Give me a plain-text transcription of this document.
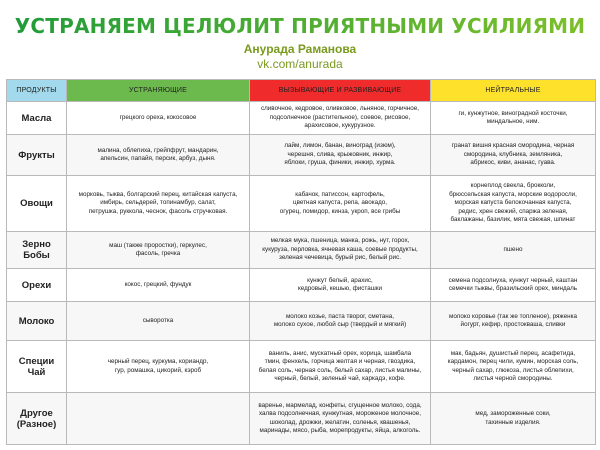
УСТРАНЯЕМ ЦЕЛЮЛИТ ПРИЯТНЫМИ УСИЛИЯМИ
Анурада Раманова
vk.com/anurada
ПРОДУКТЫ	УСТРАНЯЮЩИЕ	ВЫЗЫВАЮЩИЕ И РАЗВИВАЮЩИЕ	НЕЙТРАЛЬНЫЕ

Масла	грецкого ореха, кокосовое	сливочное, кедровое, оливковое, льняное, горчичное,
подсолнечное (растительное), соевое, рисовое,
арахисовое, кукурузное.	ги, кунжутное, виноградной косточки,
миндальное, ним.

Фрукты	малина, облепиха, грейпфрут, мандарин,
апельсин, папайя, персик, арбуз, дыня.	лайм, лимон, банан, виноград (изюм),
черешня, слива, крыжовник, инжир,
яблоки, груша, финики, инжир, хурма.	гранат вишня красная смородина, черная
смородина, клубника, земляника,
абрикос, киви, ананас, гуава.

Овощи	морковь, тыква, болгарский перец, китайская капуста,
имбирь, сельдерей, топинамбур, салат,
петрушка, руккола, чеснок, фасоль стручковая.	кабачок, патиссон, картофель,
цветная капуста, репа, авокадо,
огурец, помидор, кинза, укроп, все грибы	корнеплод свекла, брокколи,
брюссельская капуста, морские водоросли,
морская капуста белокочанная капуста,
редис, хрен свежий, спаржа зеленая,
баклажаны, базилик, мята свежая, шпинат

Зерно
Бобы	маш (также проростки), геркулес,
фасоль, гречка	мелкая мука, пшеница, манка, рожь, нут, горох,
кукуруза, перловка, ячневая каша, соевые продукты,
зеленая чечевица, бурый рис, белый рис.	пшено

Орехи	кокос, грецкий, фундук	кунжут белый, арахис,
кедровый, кешью, фисташки	семена подсолнуха, кунжут черный, каштан
семечки тыквы, бразильский орех, миндаль

Молоко	сыворотка	молоко козье, паста творог, сметана,
молоко сухое, любой сыр (твердый и мягкий)	молоко коровье (так же топленое), ряженка
йогурт, кефир, простокваша, сливки

Специи
Чай	черный перец, куркума, кориандр,
гур, ромашка, цикорий, кэроб	ваниль, анис, мускатный орех, корица, шамбала
тмин, фенхель, горчица желтая и черная, гвоздика,
белая соль, черная соль, белый сахар, листья малины,
черный, белый, зеленый чай, каркадэ, кофе.	мак, бадьян, душистый перец, асафетида,
кардамон, перец чили, кумин, морская соль,
черный сахар, глюкоза, листья облепихи,
листья черной смородины.

Другое
(Разное)		варенье, мармелад, конфеты, сгущенное молоко, сода,
халва подсолнечная, кунжутная, мороженое молочное,
шоколад, дрожжи, желатин, соленья, квашенья,
маринады, мясо, рыба, морепродукты, яйца, алкоголь.	мед, замороженные соки,
тахинные изделия.
